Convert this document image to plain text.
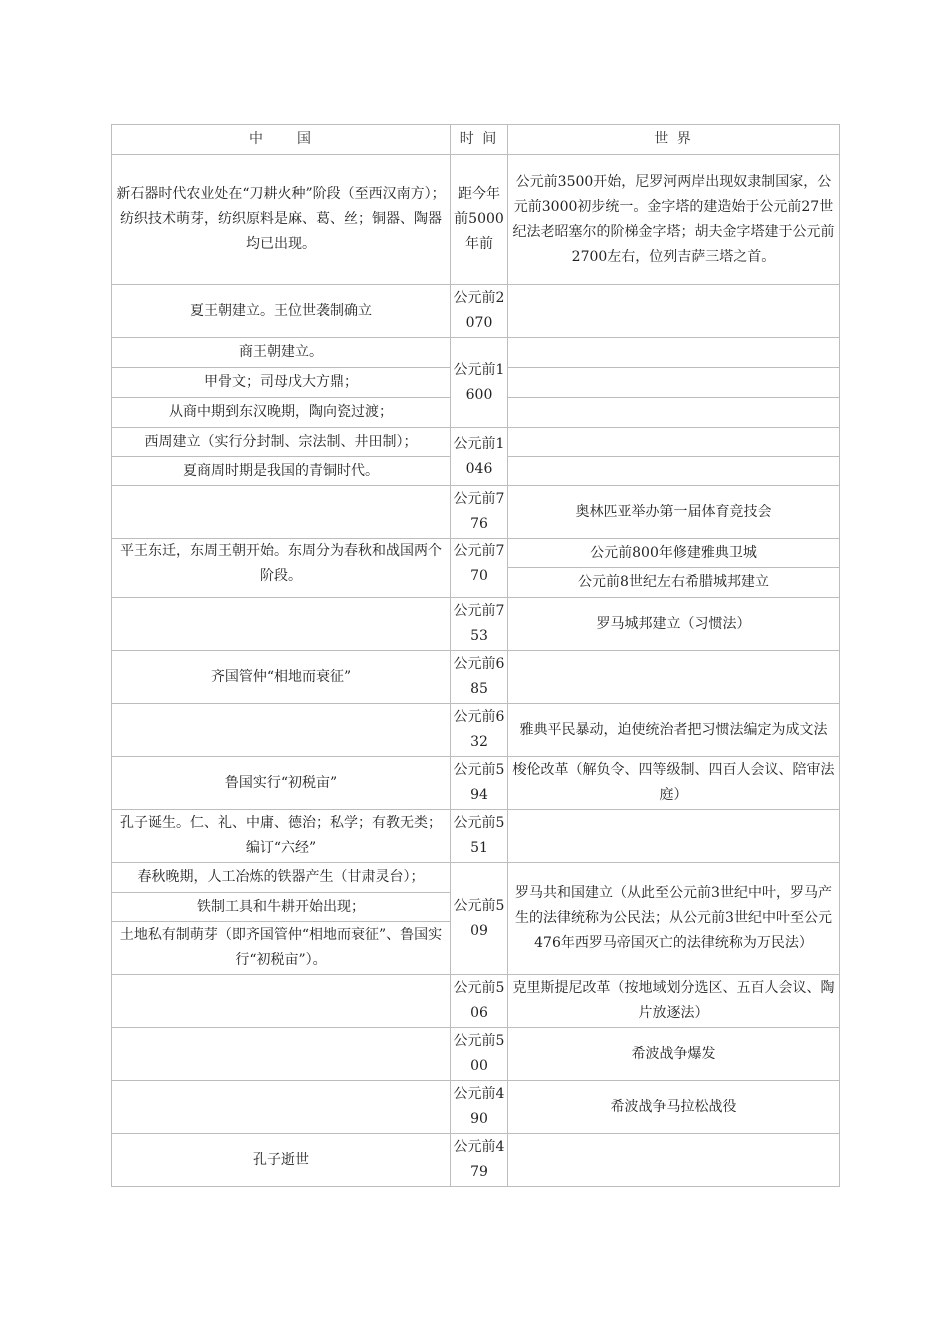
中　　国	时 间	世 界
新石器时代农业处在“刀耕火种”阶段（至西汉南方）；纺织技术萌芽，纺织原料是麻、葛、丝；铜器、陶器均已出现。	距今年前5000年前	公元前3500开始，尼罗河两岸出现奴隶制国家，公元前3000初步统一。金字塔的建造始于公元前27世纪法老昭塞尔的阶梯金字塔；胡夫金字塔建于公元前2700左右，位列吉萨三塔之首。
夏王朝建立。王位世袭制确立	公元前2070	
商王朝建立。	公元前1600	
甲骨文；司母戊大方鼎；		
从商中期到东汉晚期，陶向瓷过渡；		
西周建立（实行分封制、宗法制、井田制）；	公元前1046	
夏商周时期是我国的青铜时代。		
	公元前776	奥林匹亚举办第一届体育竞技会
平王东迁，东周王朝开始。东周分为春秋和战国两个阶段。	公元前770	公元前800年修建雅典卫城
		公元前8世纪左右希腊城邦建立
	公元前753	罗马城邦建立（习惯法）
齐国管仲“相地而衰征”	公元前685	
	公元前632	雅典平民暴动，迫使统治者把习惯法编定为成文法
鲁国实行“初税亩”	公元前594	梭伦改革（解负令、四等级制、四百人会议、陪审法庭）
孔子诞生。仁、礼、中庸、德治；私学；有教无类；编订“六经”	公元前551	
春秋晚期，人工冶炼的铁器产生（甘肃灵台）；	公元前509	罗马共和国建立（从此至公元前3世纪中叶，罗马产生的法律统称为公民法；从公元前3世纪中叶至公元476年西罗马帝国灭亡的法律统称为万民法）
铁制工具和牛耕开始出现；		
土地私有制萌芽（即齐国管仲“相地而衰征”、鲁国实行“初税亩”）。		
	公元前506	克里斯提尼改革（按地域划分选区、五百人会议、陶片放逐法）
	公元前500	希波战争爆发
	公元前490	希波战争马拉松战役
孔子逝世	公元前479	
